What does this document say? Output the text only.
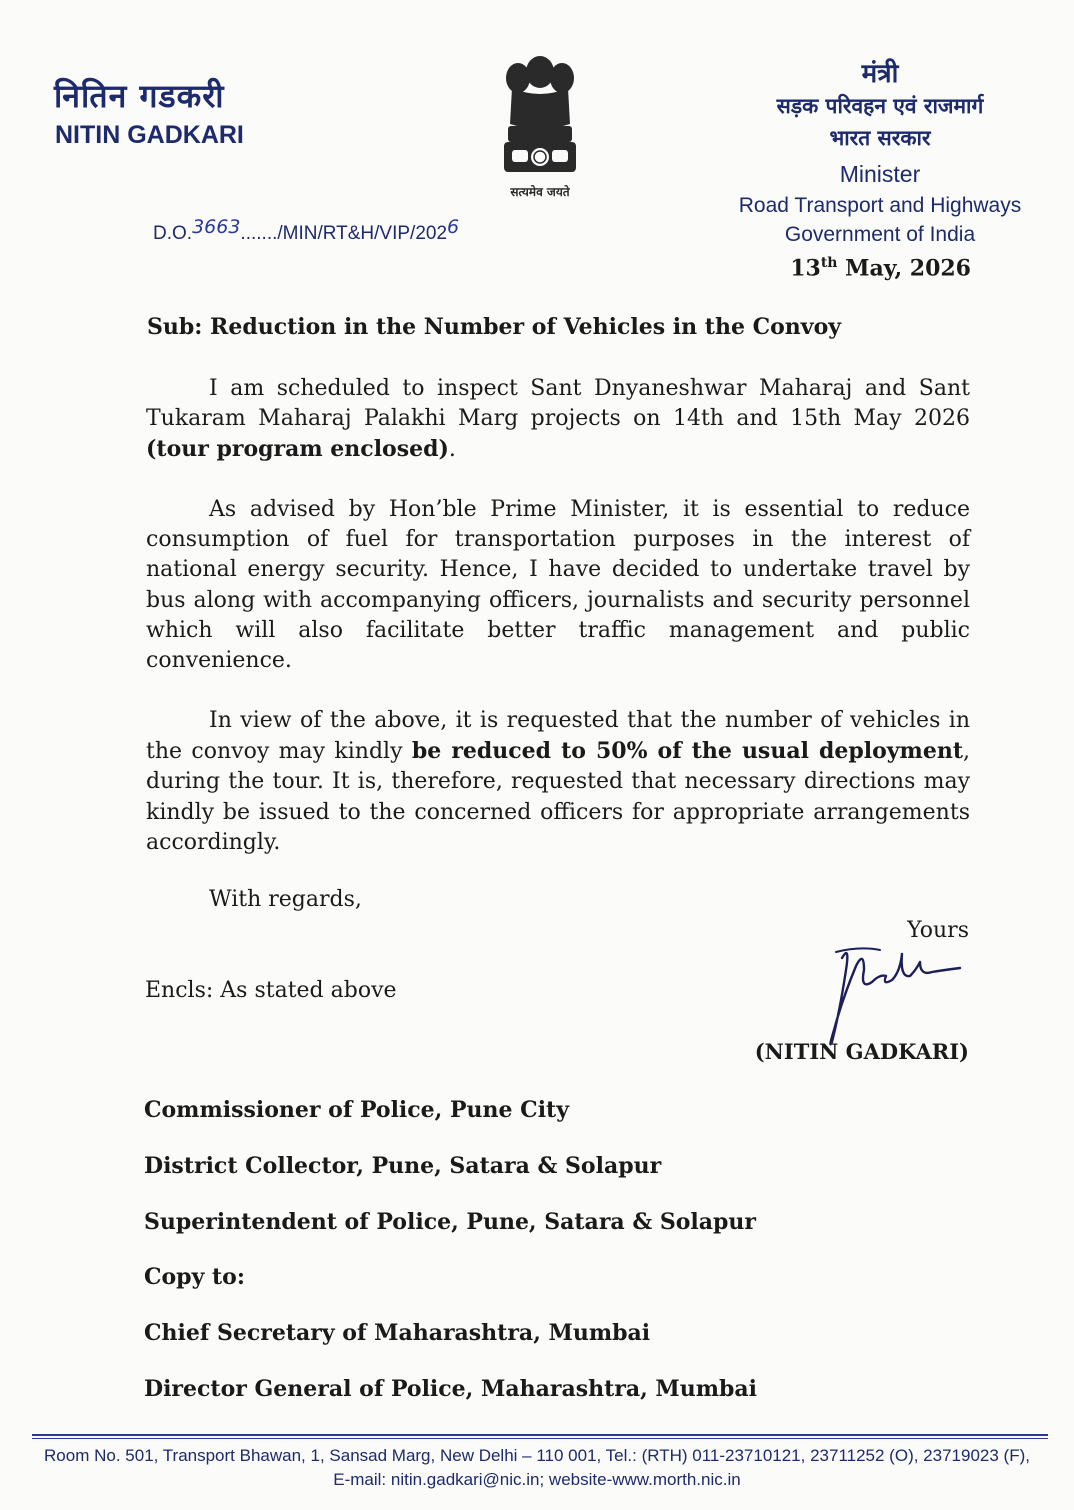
नितिन गडकरी
NITIN GADKARI
D.O.3663......./MIN/RT&H/VIP/2026
सत्यमेव जयते
मंत्री
सड़क परिवहन एवं राजमार्ग
भारत सरकार
Minister
Road Transport and Highways
Government of India
13th May, 2026
Sub: Reduction in the Number of Vehicles in the Convoy

I am scheduled to inspect Sant Dnyaneshwar Maharaj and Sant Tukaram Maharaj Palakhi Marg projects on 14th and 15th May 2026 (tour program enclosed).

As advised by Hon’ble Prime Minister, it is essential to reduce consumption of fuel for transportation purposes in the interest of national energy security. Hence, I have decided to undertake travel by bus along with accompanying officers, journalists and security personnel which will also facilitate better traffic management and public convenience.

In view of the above, it is requested that the number of vehicles in the convoy may kindly be reduced to 50% of the usual deployment, during the tour. It is, therefore, requested that necessary directions may kindly be issued to the concerned officers for appropriate arrangements accordingly.

With regards,
Yours
Encls: As stated above
(NITIN GADKARI)
Commissioner of Police, Pune City
District Collector, Pune, Satara & Solapur
Superintendent of Police, Pune, Satara & Solapur
Copy to:
Chief Secretary of Maharashtra, Mumbai
Director General of Police, Maharashtra, Mumbai
Room No. 501, Transport Bhawan, 1, Sansad Marg, New Delhi – 110 001, Tel.: (RTH) 011-23710121, 23711252 (O), 23719023 (F),
E-mail: nitin.gadkari@nic.in; website-www.morth.nic.in
